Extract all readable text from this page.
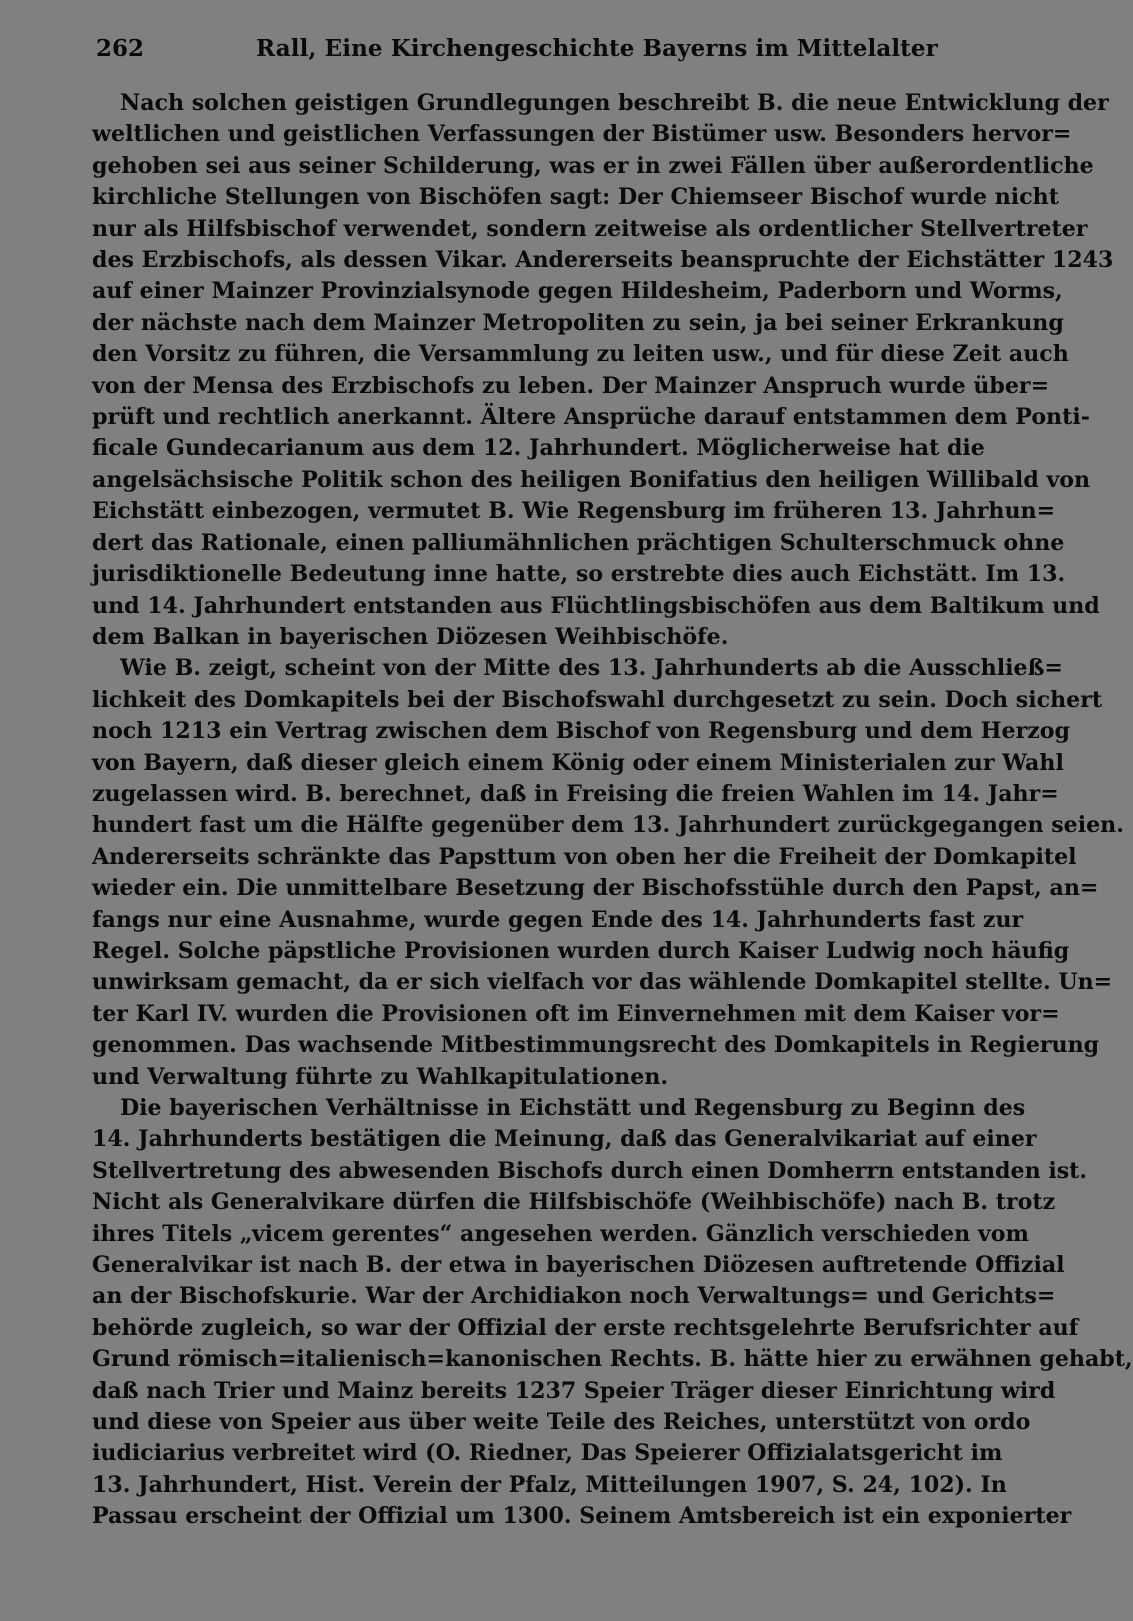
262	Rall, Eine Kirchengeschichte Bayerns im Mittelalter
Nach solchen geistigen Grundlegungen beschreibt B. die neue Entwicklung der
weltlichen und geistlichen Verfassungen der Bistümer usw. Besonders hervor=
gehoben sei aus seiner Schilderung, was er in zwei Fällen über außerordentliche
kirchliche Stellungen von Bischöfen sagt: Der Chiemseer Bischof wurde nicht
nur als Hilfsbischof verwendet, sondern zeitweise als ordentlicher Stellvertreter
des Erzbischofs, als dessen Vikar. Andererseits beanspruchte der Eichstätter 1243
auf einer Mainzer Provinzialsynode gegen Hildesheim, Paderborn und Worms,
der nächste nach dem Mainzer Metropoliten zu sein, ja bei seiner Erkrankung
den Vorsitz zu führen, die Versammlung zu leiten usw., und für diese Zeit auch
von der Mensa des Erzbischofs zu leben. Der Mainzer Anspruch wurde über=
prüft und rechtlich anerkannt. Ältere Ansprüche darauf entstammen dem Ponti-
ficale Gundecarianum aus dem 12. Jahrhundert. Möglicherweise hat die
angelsächsische Politik schon des heiligen Bonifatius den heiligen Willibald von
Eichstätt einbezogen, vermutet B. Wie Regensburg im früheren 13. Jahrhun=
dert das Rationale, einen palliumähnlichen prächtigen Schulterschmuck ohne
jurisdiktionelle Bedeutung inne hatte, so erstrebte dies auch Eichstätt. Im 13.
und 14. Jahrhundert entstanden aus Flüchtlingsbischöfen aus dem Baltikum und
dem Balkan in bayerischen Diözesen Weihbischöfe.
Wie B. zeigt, scheint von der Mitte des 13. Jahrhunderts ab die Ausschließ=
lichkeit des Domkapitels bei der Bischofswahl durchgesetzt zu sein. Doch sichert
noch 1213 ein Vertrag zwischen dem Bischof von Regensburg und dem Herzog
von Bayern, daß dieser gleich einem König oder einem Ministerialen zur Wahl
zugelassen wird. B. berechnet, daß in Freising die freien Wahlen im 14. Jahr=
hundert fast um die Hälfte gegenüber dem 13. Jahrhundert zurückgegangen seien.
Andererseits schränkte das Papsttum von oben her die Freiheit der Domkapitel
wieder ein. Die unmittelbare Besetzung der Bischofsstühle durch den Papst, an=
fangs nur eine Ausnahme, wurde gegen Ende des 14. Jahrhunderts fast zur
Regel. Solche päpstliche Provisionen wurden durch Kaiser Ludwig noch häufig
unwirksam gemacht, da er sich vielfach vor das wählende Domkapitel stellte. Un=
ter Karl IV. wurden die Provisionen oft im Einvernehmen mit dem Kaiser vor=
genommen. Das wachsende Mitbestimmungsrecht des Domkapitels in Regierung
und Verwaltung führte zu Wahlkapitulationen.
Die bayerischen Verhältnisse in Eichstätt und Regensburg zu Beginn des
14. Jahrhunderts bestätigen die Meinung, daß das Generalvikariat auf einer
Stellvertretung des abwesenden Bischofs durch einen Domherrn entstanden ist.
Nicht als Generalvikare dürfen die Hilfsbischöfe (Weihbischöfe) nach B. trotz
ihres Titels „vicem gerentes“ angesehen werden. Gänzlich verschieden vom
Generalvikar ist nach B. der etwa in bayerischen Diözesen auftretende Offizial
an der Bischofskurie. War der Archidiakon noch Verwaltungs= und Gerichts=
behörde zugleich, so war der Offizial der erste rechtsgelehrte Berufsrichter auf
Grund römisch=italienisch=kanonischen Rechts. B. hätte hier zu erwähnen gehabt,
daß nach Trier und Mainz bereits 1237 Speier Träger dieser Einrichtung wird
und diese von Speier aus über weite Teile des Reiches, unterstützt von ordo
iudiciarius verbreitet wird (O. Riedner, Das Speierer Offizialatsgericht im
13. Jahrhundert, Hist. Verein der Pfalz, Mitteilungen 1907, S. 24, 102). In
Passau erscheint der Offizial um 1300. Seinem Amtsbereich ist ein exponierter
